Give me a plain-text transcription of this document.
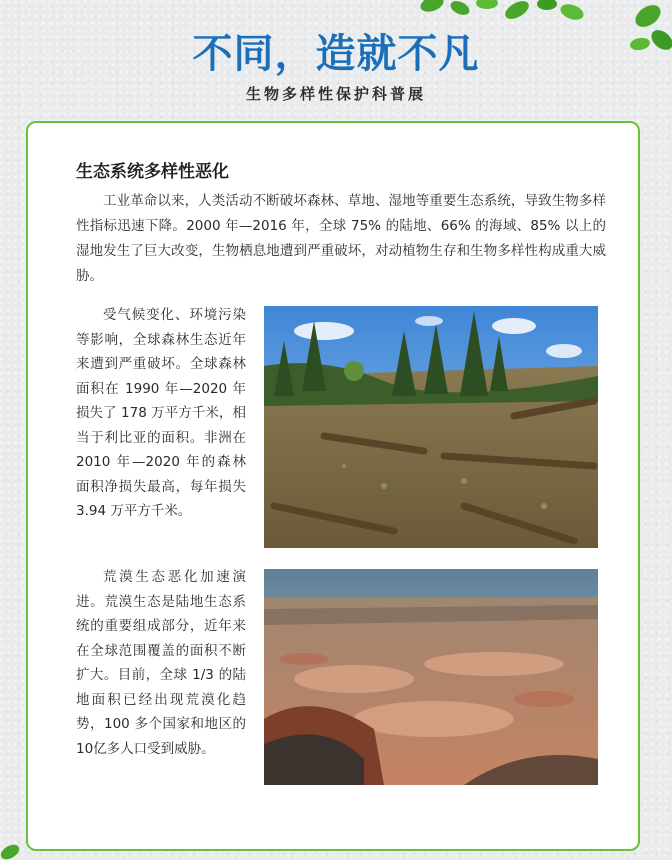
不同，造就不凡
生物多样性保护科普展
生态系统多样性恶化

工业革命以来，人类活动不断破坏森林、草地、湿地等重要生态系统，导致生物多样性指标迅速下降。2000 年—2016 年，全球 75% 的陆地、66% 的海域、85% 以上的湿地发生了巨大改变，生物栖息地遭到严重破坏，对动植物生存和生物多样性构成重大威胁。

受气候变化、环境污染等影响，全球森林生态近年来遭到严重破坏。全球森林面积在 1990 年—2020 年损失了 178 万平方千米，相当于利比亚的面积。非洲在 2010 年—2020 年的森林面积净损失最高，每年损失 3.94 万平方千米。

荒漠生态恶化加速演进。荒漠生态是陆地生态系统的重要组成部分，近年来在全球范围覆盖的面积不断扩大。目前，全球 1/3 的陆地面积已经出现荒漠化趋势，100 多个国家和地区的10亿多人口受到威胁。
